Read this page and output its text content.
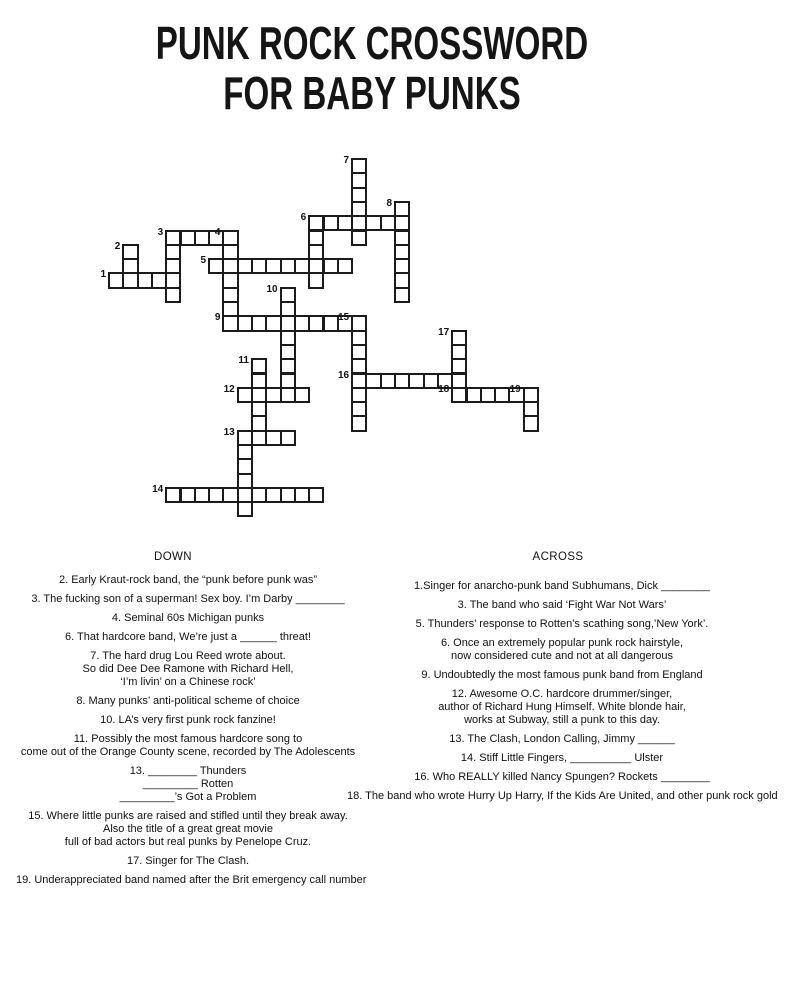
PUNK ROCK CROSSWORD
FOR BABY PUNKS
1
2
3	4
5
6
7
8
9
10
11
12
13
14
15
16
17
18	19
DOWN	ACROSS

2. Early Kraut-rock band, the “punk before punk was”

3. The fucking son of a superman! Sex boy. I’m Darby ________

4. Seminal 60s Michigan punks

6. That hardcore band, We’re just a ______ threat!

7. The hard drug Lou Reed wrote about.
So did Dee Dee Ramone with Richard Hell,
‘I’m livin’ on a Chinese rock’

8. Many punks’ anti-political scheme of choice

10. LA’s very first punk rock fanzine!

11. Possibly the most famous hardcore song to
come out of the Orange County scene, recorded by The Adolescents

13. ________ Thunders
_________ Rotten
_________’s Got a Problem

15. Where little punks are raised and stifled until they break away.
Also the title of a great great movie
full of bad actors but real punks by Penelope Cruz.

17. Singer for The Clash.

19. Underappreciated band named after the Brit emergency call number

1.Singer for anarcho-punk band Subhumans, Dick ________

3. The band who said ‘Fight War Not Wars’

5. Thunders’ response to Rotten’s scathing song,’New York’.

6. Once an extremely popular punk rock hairstyle,
now considered cute and not at all dangerous

9. Undoubtedly the most famous punk band from England

12. Awesome O.C. hardcore drummer/singer,
author of Richard Hung Himself. White blonde hair,
works at Subway, still a punk to this day.

13. The Clash, London Calling, Jimmy ______

14. Stiff Little Fingers, __________ Ulster

16. Who REALLY killed Nancy Spungen? Rockets ________

18. The band who wrote Hurry Up Harry, If the Kids Are United, and other punk rock gold
